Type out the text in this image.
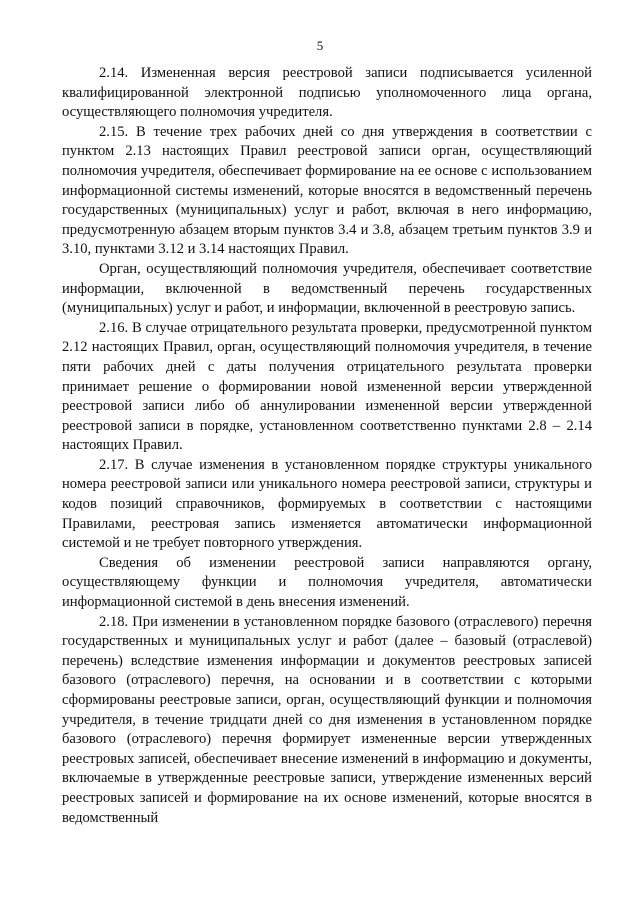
5

2.14. Измененная версия реестровой записи подписывается усиленной квалифицированной электронной подписью уполномоченного лица органа, осуществляющего полномочия учредителя.

2.15. В течение трех рабочих дней со дня утверждения в соответствии с пунктом 2.13 настоящих Правил реестровой записи орган, осуществляющий полномочия учредителя, обеспечивает формирование на ее основе с использованием информационной системы изменений, которые вносятся в ведомственный перечень государственных (муниципальных) услуг и работ, включая в него информацию, предусмотренную абзацем вторым пунктов 3.4 и 3.8, абзацем третьим пунктов 3.9 и 3.10, пунктами 3.12 и 3.14 настоящих Правил.

Орган, осуществляющий полномочия учредителя, обеспечивает соответствие информации, включенной в ведомственный перечень государственных (муниципальных) услуг и работ, и информации, включенной в реестровую запись.

2.16. В случае отрицательного результата проверки, предусмотренной пунктом 2.12 настоящих Правил, орган, осуществляющий полномочия учредителя, в течение пяти рабочих дней с даты получения отрицательного результата проверки принимает решение о формировании новой измененной версии утвержденной реестровой записи либо об аннулировании измененной версии утвержденной реестровой записи в порядке, установленном соответственно пунктами 2.8 – 2.14 настоящих Правил.

2.17. В случае изменения в установленном порядке структуры уникального номера реестровой записи или уникального номера реестровой записи, структуры и кодов позиций справочников, формируемых в соответствии с настоящими Правилами, реестровая запись изменяется автоматически информационной системой и не требует повторного утверждения.

Сведения об изменении реестровой записи направляются органу, осуществляющему функции и полномочия учредителя, автоматически информационной системой в день внесения изменений.

2.18. При изменении в установленном порядке базового (отраслевого) перечня государственных и муниципальных услуг и работ (далее – базовый (отраслевой) перечень) вследствие изменения информации и документов реестровых записей базового (отраслевого) перечня, на основании и в соответствии с которыми сформированы реестровые записи, орган, осуществляющий функции и полномочия учредителя, в течение тридцати дней со дня изменения в установленном порядке базового (отраслевого) перечня формирует измененные версии утвержденных реестровых записей, обеспечивает внесение изменений в информацию и документы, включаемые в утвержденные реестровые записи, утверждение измененных версий реестровых записей и формирование на их основе изменений, которые вносятся в ведомственный
